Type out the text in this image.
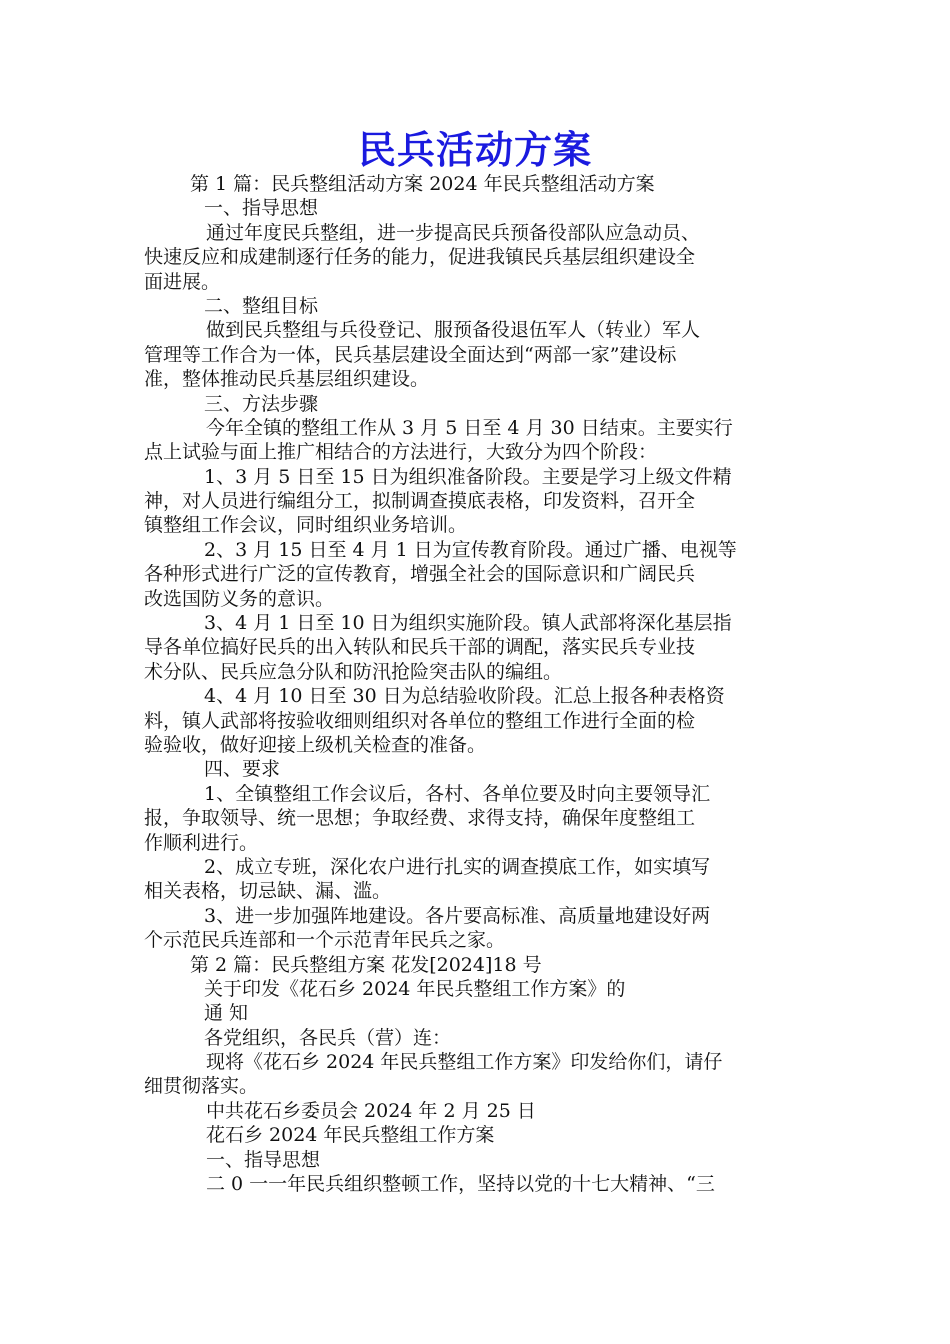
民兵活动方案
第 1 篇：民兵整组活动方案 2024 年民兵整组活动方案
一、指导思想
通过年度民兵整组，进一步提高民兵预备役部队应急动员、
快速反应和成建制逐行任务的能力，促进我镇民兵基层组织建设全
面进展。
二、整组目标
做到民兵整组与兵役登记、服预备役退伍军人（转业）军人
管理等工作合为一体，民兵基层建设全面达到“两部一家”建设标
准，整体推动民兵基层组织建设。
三、方法步骤
今年全镇的整组工作从 3 月 5 日至 4 月 30 日结束。主要实行
点上试验与面上推广相结合的方法进行，大致分为四个阶段：
1、3 月 5 日至 15 日为组织准备阶段。主要是学习上级文件精
神，对人员进行编组分工，拟制调查摸底表格，印发资料，召开全
镇整组工作会议，同时组织业务培训。
2、3 月 15 日至 4 月 1 日为宣传教育阶段。通过广播、电视等
各种形式进行广泛的宣传教育，增强全社会的国际意识和广阔民兵
改选国防义务的意识。
3、4 月 1 日至 10 日为组织实施阶段。镇人武部将深化基层指
导各单位搞好民兵的出入转队和民兵干部的调配，落实民兵专业技
术分队、民兵应急分队和防汛抢险突击队的编组。
4、4 月 10 日至 30 日为总结验收阶段。汇总上报各种表格资
料，镇人武部将按验收细则组织对各单位的整组工作进行全面的检
验验收，做好迎接上级机关检查的准备。
四、要求
1、全镇整组工作会议后，各村、各单位要及时向主要领导汇
报，争取领导、统一思想；争取经费、求得支持，确保年度整组工
作顺利进行。
2、成立专班，深化农户进行扎实的调查摸底工作，如实填写
相关表格，切忌缺、漏、滥。
3、进一步加强阵地建设。各片要高标准、高质量地建设好两
个示范民兵连部和一个示范青年民兵之家。
第 2 篇：民兵整组方案 花发[2024]18 号
关于印发《花石乡 2024 年民兵整组工作方案》的
通 知
各党组织，各民兵（营）连：
现将《花石乡 2024 年民兵整组工作方案》印发给你们，请仔
细贯彻落实。
中共花石乡委员会 2024 年 2 月 25 日
花石乡 2024 年民兵整组工作方案
一、指导思想
二 0 一一年民兵组织整顿工作，坚持以党的十七大精神、“三
